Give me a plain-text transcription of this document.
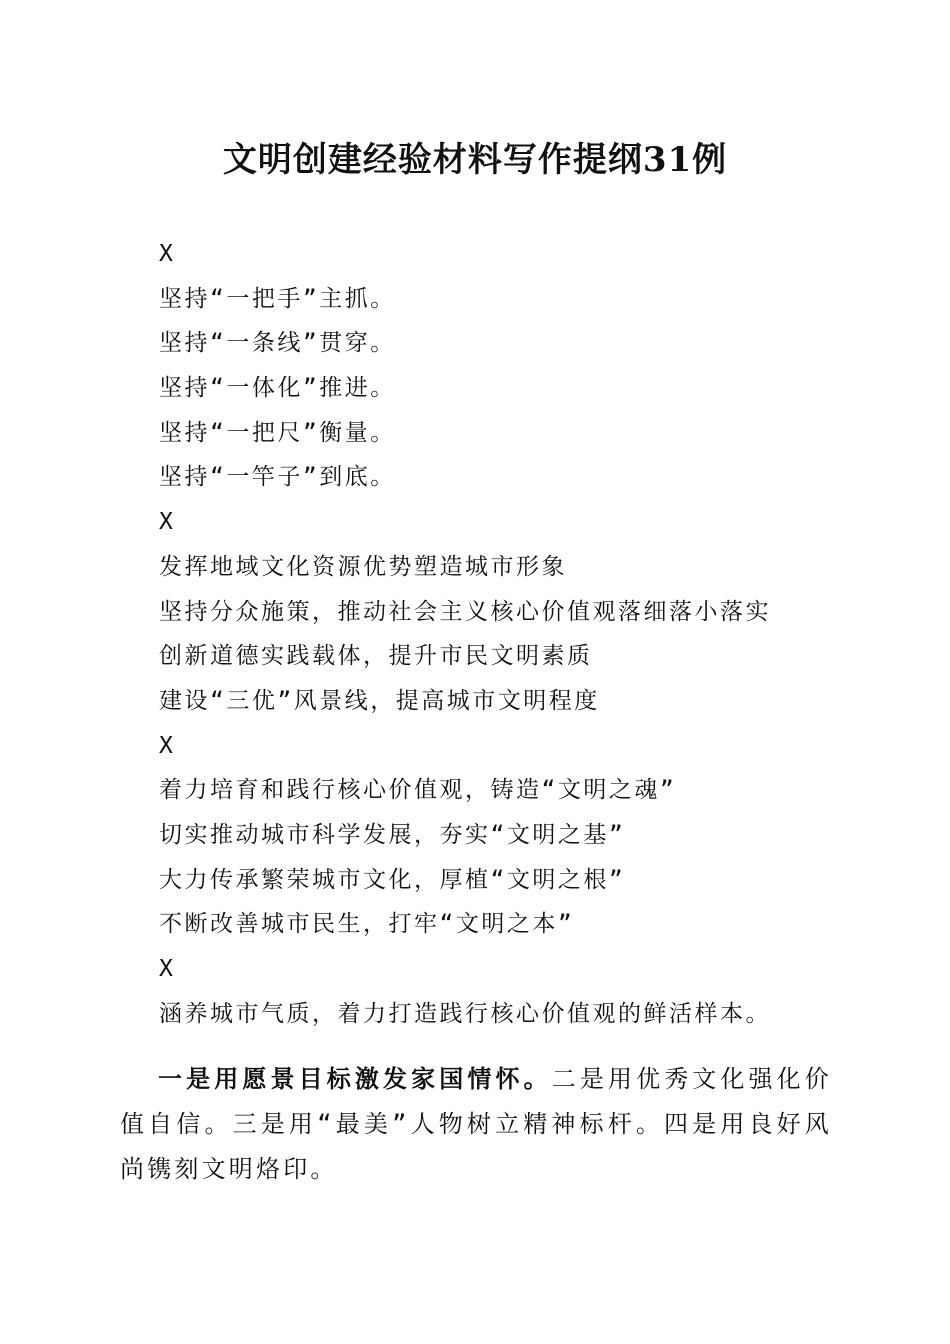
文明创建经验材料写作提纲31例
X
坚持“一把手”主抓。
坚持“一条线”贯穿。
坚持“一体化”推进。
坚持“一把尺”衡量。
坚持“一竿子”到底。
X
发挥地域文化资源优势塑造城市形象
坚持分众施策，推动社会主义核心价值观落细落小落实
创新道德实践载体，提升市民文明素质
建设“三优”风景线，提高城市文明程度
X
着力培育和践行核心价值观，铸造“文明之魂”
切实推动城市科学发展，夯实“文明之基”
大力传承繁荣城市文化，厚植“文明之根”
不断改善城市民生，打牢“文明之本”
X
涵养城市气质，着力打造践行核心价值观的鲜活样本。

一是用愿景目标激发家国情怀。二是用优秀文化强化价值自信。三是用“最美”人物树立精神标杆。四是用良好风尚镌刻文明烙印。
